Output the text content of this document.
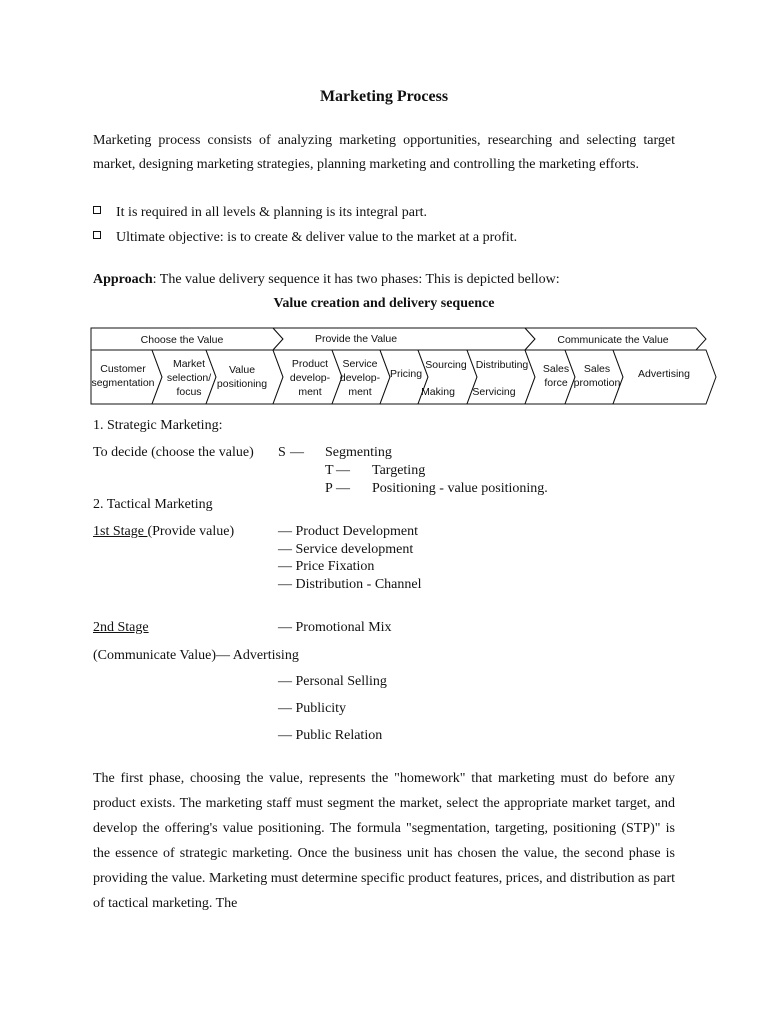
Marketing Process
Marketing process consists of analyzing marketing opportunities, researching and selecting target market, designing marketing strategies, planning marketing and controlling the marketing efforts.
It is required in all levels & planning is its integral part.
Ultimate objective: is to create & deliver value to the market at a profit.
Approach: The value delivery sequence it has two phases: This is depicted bellow:
Value creation and delivery sequence
Choose the Value	Provide the Value	Communicate the Value
Customer
segmentation
Market
selection/
focus
Value
positioning
Product
develop-
ment
Service
develop-
ment
Pricing
Sourcing
Making
Distributing
Servicing
Sales
force
Sales
promotion
Advertising
1. Strategic Marketing:
To decide (choose the value) S — Segmenting
T — Targeting
P — Positioning - value positioning.
2. Tactical Marketing
1st Stage (Provide value)	— Product Development
— Service development
— Price Fixation
— Distribution - Channel
2nd Stage	— Promotional Mix
(Communicate Value)— Advertising
— Personal Selling
— Publicity
— Public Relation
The first phase, choosing the value, represents the "homework" that marketing must do before any product exists. The marketing staff must segment the market, select the appropriate market target, and develop the offering's value positioning. The formula "segmentation, targeting, positioning (STP)" is the essence of strategic marketing. Once the business unit has chosen the value, the second phase is providing the value. Marketing must determine specific product features, prices, and distribution as part of tactical marketing. The
